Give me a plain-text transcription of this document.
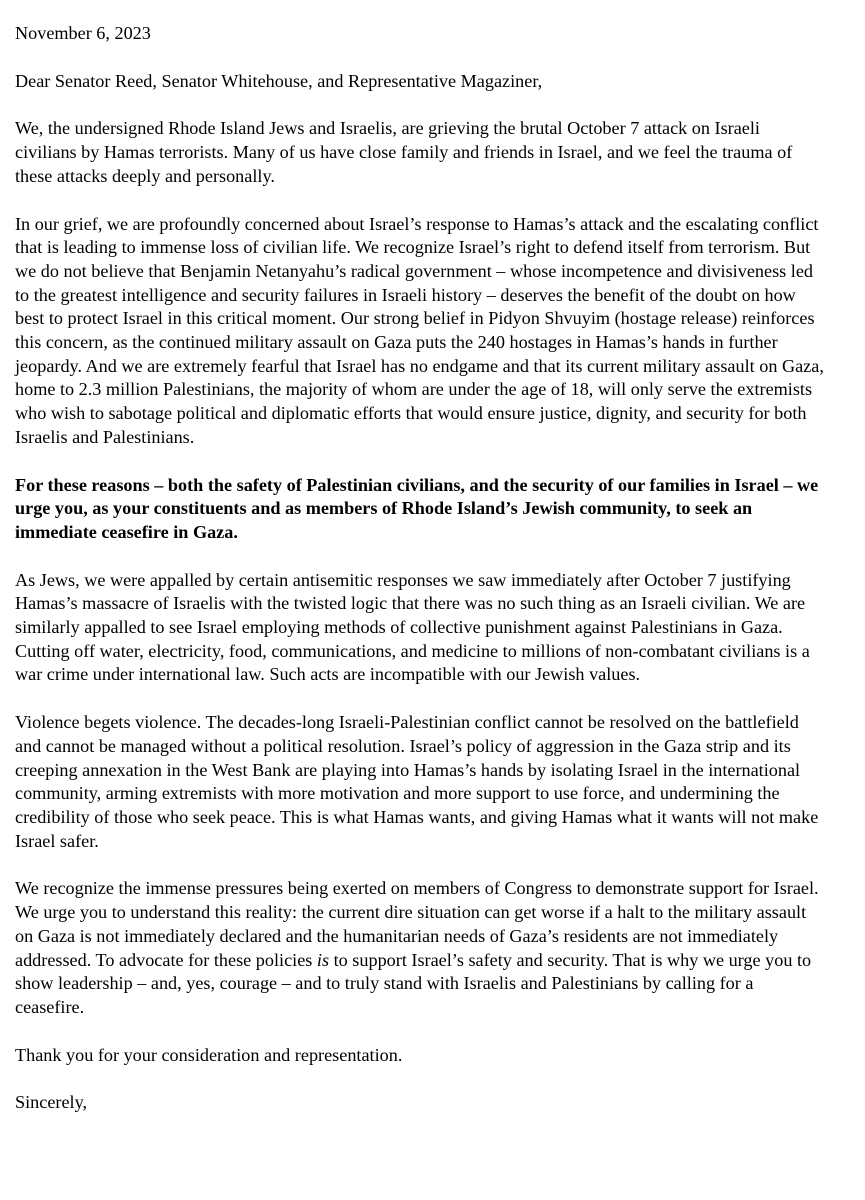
November 6, 2023

Dear Senator Reed, Senator Whitehouse, and Representative Magaziner,

We, the undersigned Rhode Island Jews and Israelis, are grieving the brutal October 7 attack on Israeli civilians by Hamas terrorists. Many of us have close family and friends in Israel, and we feel the trauma of these attacks deeply and personally.

In our grief, we are profoundly concerned about Israel’s response to Hamas’s attack and the escalating conflict that is leading to immense loss of civilian life. We recognize Israel’s right to defend itself from terrorism. But we do not believe that Benjamin Netanyahu’s radical government – whose incompetence and divisiveness led to the greatest intelligence and security failures in Israeli history – deserves the benefit of the doubt on how best to protect Israel in this critical moment. Our strong belief in Pidyon Shvuyim (hostage release) reinforces this concern, as the continued military assault on Gaza puts the 240 hostages in Hamas’s hands in further jeopardy. And we are extremely fearful that Israel has no endgame and that its current military assault on Gaza, home to 2.3 million Palestinians, the majority of whom are under the age of 18, will only serve the extremists who wish to sabotage political and diplomatic efforts that would ensure justice, dignity, and security for both Israelis and Palestinians.

For these reasons – both the safety of Palestinian civilians, and the security of our families in Israel – we urge you, as your constituents and as members of Rhode Island’s Jewish community, to seek an immediate ceasefire in Gaza.

As Jews, we were appalled by certain antisemitic responses we saw immediately after October 7 justifying Hamas’s massacre of Israelis with the twisted logic that there was no such thing as an Israeli civilian. We are similarly appalled to see Israel employing methods of collective punishment against Palestinians in Gaza. Cutting off water, electricity, food, communications, and medicine to millions of non-combatant civilians is a war crime under international law. Such acts are incompatible with our Jewish values.

Violence begets violence. The decades-long Israeli-Palestinian conflict cannot be resolved on the battlefield and cannot be managed without a political resolution. Israel’s policy of aggression in the Gaza strip and its creeping annexation in the West Bank are playing into Hamas’s hands by isolating Israel in the international community, arming extremists with more motivation and more support to use force, and undermining the credibility of those who seek peace. This is what Hamas wants, and giving Hamas what it wants will not make Israel safer.

We recognize the immense pressures being exerted on members of Congress to demonstrate support for Israel. We urge you to understand this reality: the current dire situation can get worse if a halt to the military assault on Gaza is not immediately declared and the humanitarian needs of Gaza’s residents are not immediately addressed. To advocate for these policies is to support Israel’s safety and security. That is why we urge you to show leadership – and, yes, courage – and to truly stand with Israelis and Palestinians by calling for a ceasefire.

Thank you for your consideration and representation.

Sincerely,
